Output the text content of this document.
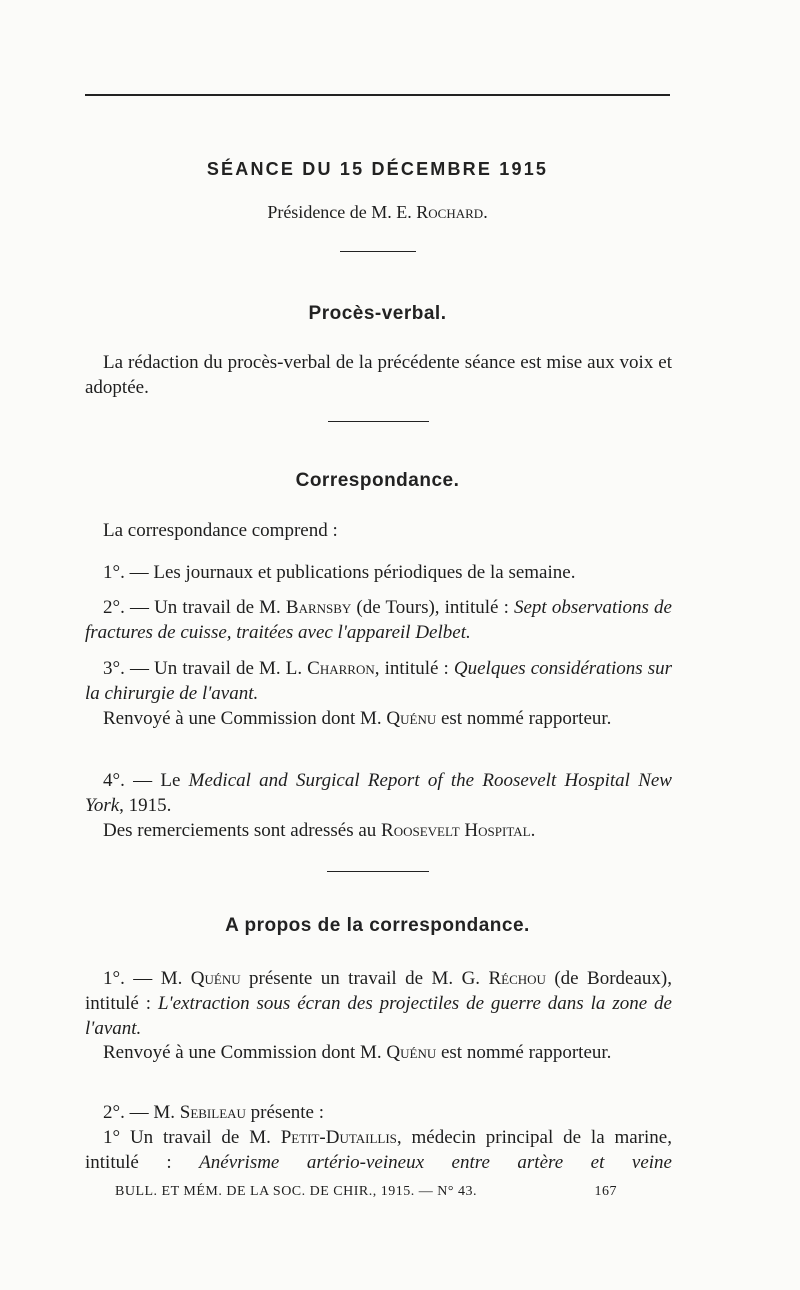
SÉANCE DU 15 DÉCEMBRE 1915
Présidence de M. E. Rochard.
Procès-verbal.
La rédaction du procès-verbal de la précédente séance est mise aux voix et adoptée.
Correspondance.
La correspondance comprend :
1°. — Les journaux et publications périodiques de la semaine.
2°. — Un travail de M. Barnsby (de Tours), intitulé : Sept observations de fractures de cuisse, traitées avec l'appareil Delbet.
3°. — Un travail de M. L. Charron, intitulé : Quelques considérations sur la chirurgie de l'avant.
Renvoyé à une Commission dont M. Quénu est nommé rapporteur.
4°. — Le Medical and Surgical Report of the Roosevelt Hospital New York, 1915.
Des remerciements sont adressés au Roosevelt Hospital.
A propos de la correspondance.
1°. — M. Quénu présente un travail de M. G. Réchou (de Bordeaux), intitulé : L'extraction sous écran des projectiles de guerre dans la zone de l'avant.
Renvoyé à une Commission dont M. Quénu est nommé rapporteur.
2°. — M. Sebileau présente :
1° Un travail de M. Petit-Dutaillis, médecin principal de la marine, intitulé : Anévrisme artério-veineux entre artère et veine
BULL. ET MÉM. DE LA SOC. DE CHIR., 1915. — N° 43.	167
